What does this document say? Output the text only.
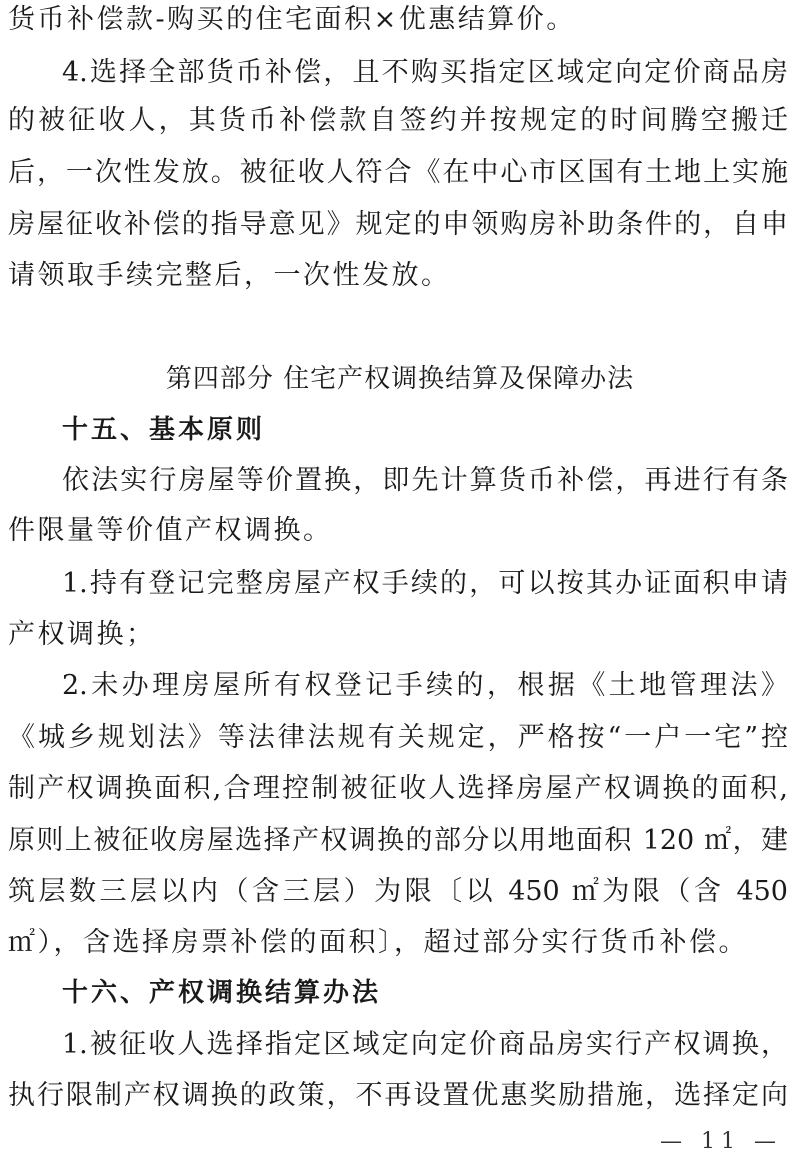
货币补偿款-购买的住宅面积×优惠结算价。
4.选择全部货币补偿，且不购买指定区域定向定价商品房
的被征收人，其货币补偿款自签约并按规定的时间腾空搬迁
后，一次性发放。被征收人符合《在中心市区国有土地上实施
房屋征收补偿的指导意见》规定的申领购房补助条件的，自申
请领取手续完整后，一次性发放。
第四部分 住宅产权调换结算及保障办法
十五、基本原则
依法实行房屋等价置换，即先计算货币补偿，再进行有条
件限量等价值产权调换。
1.持有登记完整房屋产权手续的，可以按其办证面积申请
产权调换；
2.未办理房屋所有权登记手续的，根据《土地管理法》
《城乡规划法》等法律法规有关规定，严格按“一户一宅”控
制产权调换面积,合理控制被征收人选择房屋产权调换的面积,
原则上被征收房屋选择产权调换的部分以用地面积 120 ㎡，建
筑层数三层以内（含三层）为限〔以 450 ㎡为限（含 450
㎡），含选择房票补偿的面积〕，超过部分实行货币补偿。
十六、产权调换结算办法
1.被征收人选择指定区域定向定价商品房实行产权调换，
执行限制产权调换的政策，不再设置优惠奖励措施，选择定向
— 11 —
